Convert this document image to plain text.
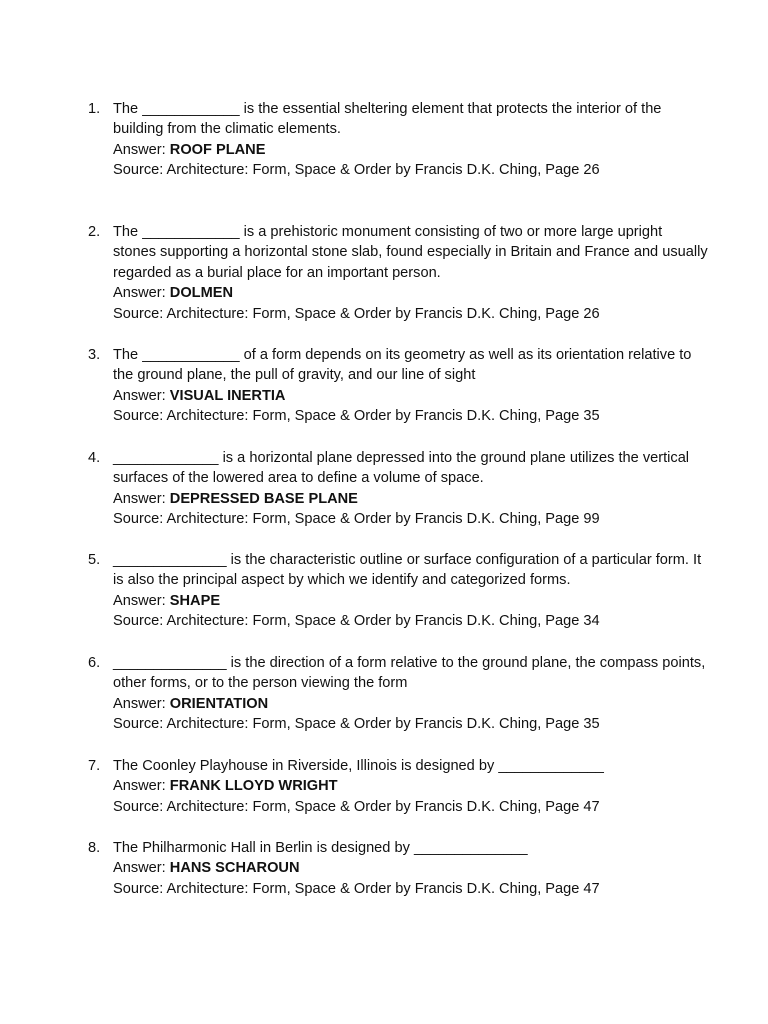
1. The ____________ is the essential sheltering element that protects the interior of the building from the climatic elements.
Answer: ROOF PLANE
Source: Architecture: Form, Space & Order by Francis D.K. Ching, Page 26
2. The ____________ is a prehistoric monument consisting of two or more large upright stones supporting a horizontal stone slab, found especially in Britain and France and usually regarded as a burial place for an important person.
Answer: DOLMEN
Source: Architecture: Form, Space & Order by Francis D.K. Ching, Page 26
3. The ____________ of a form depends on its geometry as well as its orientation relative to the ground plane, the pull of gravity, and our line of sight
Answer: VISUAL INERTIA
Source: Architecture: Form, Space & Order by Francis D.K. Ching, Page 35
4. _____________ is a horizontal plane depressed into the ground plane utilizes the vertical surfaces of the lowered area to define a volume of space.
Answer: DEPRESSED BASE PLANE
Source: Architecture: Form, Space & Order by Francis D.K. Ching, Page 99
5. ______________ is the characteristic outline or surface configuration of a particular form. It is also the principal aspect by which we identify and categorized forms.
Answer: SHAPE
Source: Architecture: Form, Space & Order by Francis D.K. Ching, Page 34
6. ______________ is the direction of a form relative to the ground plane, the compass points, other forms, or to the person viewing the form
Answer: ORIENTATION
Source: Architecture: Form, Space & Order by Francis D.K. Ching, Page 35
7. The Coonley Playhouse in Riverside, Illinois is designed by _____________
Answer: FRANK LLOYD WRIGHT
Source: Architecture: Form, Space & Order by Francis D.K. Ching, Page 47
8. The Philharmonic Hall in Berlin is designed by ______________
Answer: HANS SCHAROUN
Source: Architecture: Form, Space & Order by Francis D.K. Ching, Page 47
